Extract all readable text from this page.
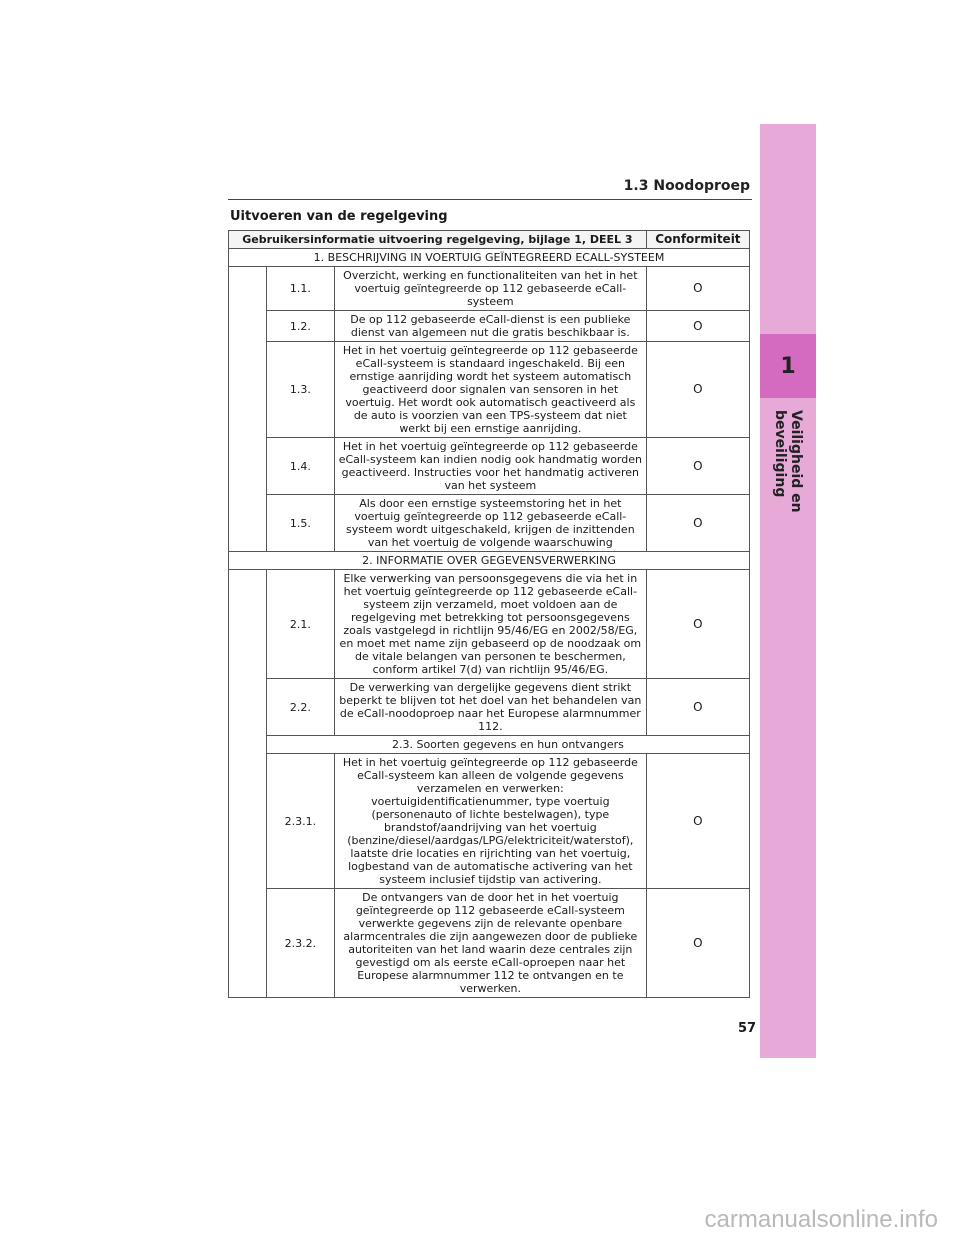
1
Veiligheid en beveiliging
1.3 Noodoproep
Uitvoeren van de regelgeving
Gebruikersinformatie uitvoering regelgeving, bijlage 1, DEEL 3			Conformiteit
1. BESCHRIJVING IN VOERTUIG GEÏNTEGREERD ECALL-SYSTEEM			
	1.1.	Overzicht, werking en functionaliteiten van het in het voertuig geïntegreerde op 112 gebaseerde eCall-systeem	O
	1.2.	De op 112 gebaseerde eCall-dienst is een publieke dienst van algemeen nut die gratis beschikbaar is.	O
	1.3.	Het in het voertuig geïntegreerde op 112 gebaseerde eCall-systeem is standaard ingeschakeld. Bij een ernstige aanrijding wordt het systeem automatisch geactiveerd door signalen van sensoren in het voertuig. Het wordt ook automatisch geactiveerd als de auto is voorzien van een TPS-systeem dat niet werkt bij een ernstige aanrijding.	O
	1.4.	Het in het voertuig geïntegreerde op 112 gebaseerde eCall-systeem kan indien nodig ook handmatig worden geactiveerd. Instructies voor het handmatig activeren van het systeem	O
	1.5.	Als door een ernstige systeemstoring het in het voertuig geïntegreerde op 112 gebaseerde eCall-systeem wordt uitgeschakeld, krijgen de inzittenden van het voertuig de volgende waarschuwing	O
2. INFORMATIE OVER GEGEVENSVERWERKING			
	2.1.	Elke verwerking van persoonsgegevens die via het in het voertuig geïntegreerde op 112 gebaseerde eCall-systeem zijn verzameld, moet voldoen aan de regelgeving met betrekking tot persoonsgegevens zoals vastgelegd in richtlijn 95/46/EG en 2002/58/EG, en moet met name zijn gebaseerd op de noodzaak om de vitale belangen van personen te beschermen, conform artikel 7(d) van richtlijn 95/46/EG.	O
	2.2.	De verwerking van dergelijke gegevens dient strikt beperkt te blijven tot het doel van het behandelen van de eCall-noodoproep naar het Europese alarmnummer 112.	O
	2.3. Soorten gegevens en hun ontvangers		
	2.3.1.	Het in het voertuig geïntegreerde op 112 gebaseerde eCall-systeem kan alleen de volgende gegevens verzamelen en verwerken: voertuigidentificatienummer, type voertuig (personenauto of lichte bestelwagen), type brandstof/aandrijving van het voertuig (benzine/diesel/aardgas/LPG/elektriciteit/waterstof), laatste drie locaties en rijrichting van het voertuig, logbestand van de automatische activering van het systeem inclusief tijdstip van activering.	O
	2.3.2.	De ontvangers van de door het in het voertuig geïntegreerde op 112 gebaseerde eCall-systeem verwerkte gegevens zijn de relevante openbare alarmcentrales die zijn aangewezen door de publieke autoriteiten van het land waarin deze centrales zijn gevestigd om als eerste eCall-oproepen naar het Europese alarmnummer 112 te ontvangen en te verwerken.	O
57
carmanualsonline.info
